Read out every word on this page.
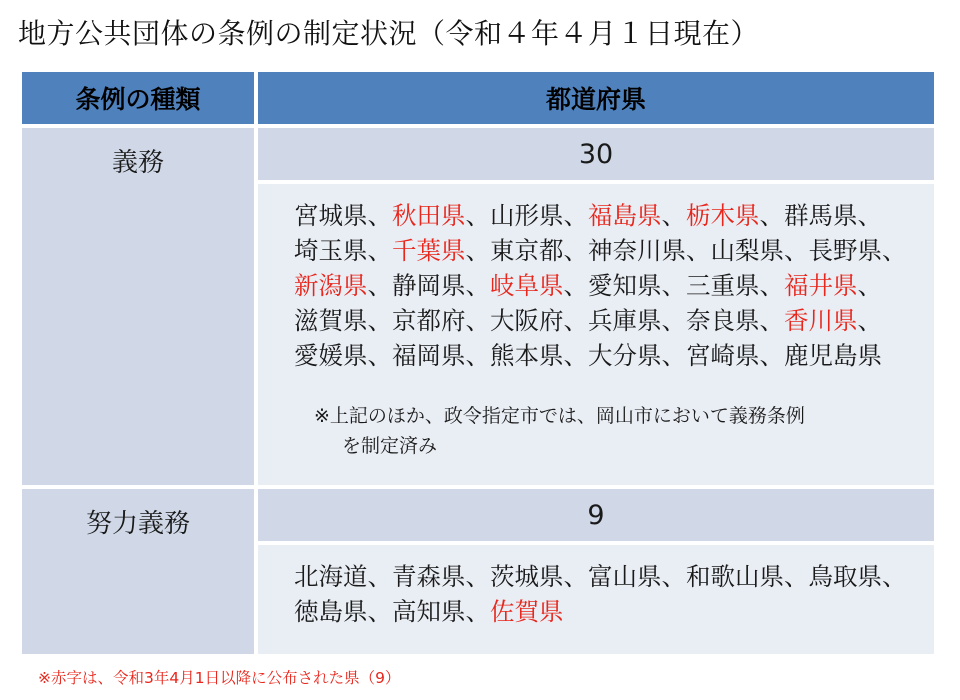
地方公共団体の条例の制定状況（令和４年４月１日現在）
条例の種類	都道府県
義務	30
宮城県、秋田県、山形県、福島県、栃木県、群馬県、埼玉県、千葉県、東京都、神奈川県、山梨県、長野県、新潟県、静岡県、岐阜県、愛知県、三重県、福井県、滋賀県、京都府、大阪府、兵庫県、奈良県、香川県、愛媛県、福岡県、熊本県、大分県、宮崎県、鹿児島県
※上記のほか、政令指定市では、岡山市において義務条例
を制定済み
努力義務	9
北海道、青森県、茨城県、富山県、和歌山県、鳥取県、徳島県、高知県、佐賀県
※赤字は、令和3年4月1日以降に公布された県（9）
